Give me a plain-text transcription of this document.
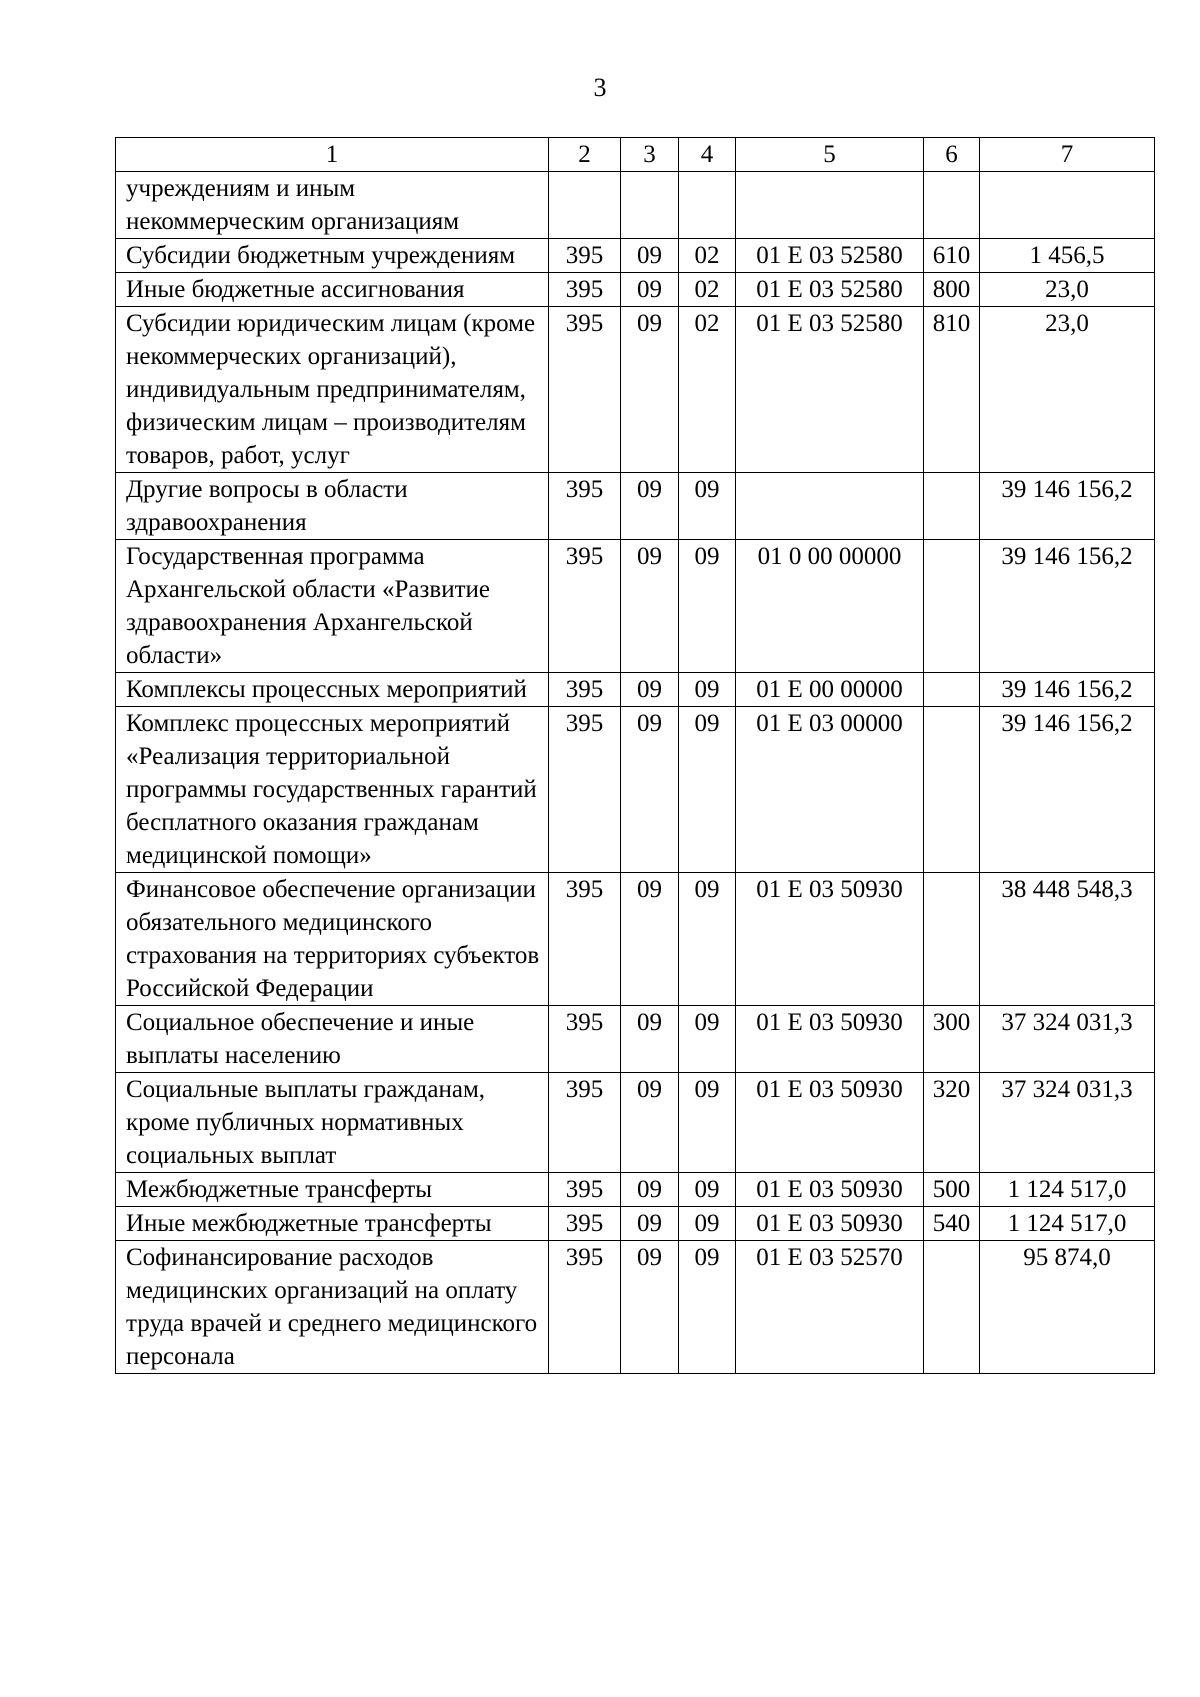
3
1	2	3	4	5	6	7
учреждениям и иным некоммерческим организациям						
Субсидии бюджетным учреждениям	395	09	02	01 Е 03 52580	610	1 456,5
Иные бюджетные ассигнования	395	09	02	01 Е 03 52580	800	23,0
Субсидии юридическим лицам (кроме некоммерческих организаций), индивидуальным предпринимателям, физическим лицам – производителям товаров, работ, услуг	395	09	02	01 Е 03 52580	810	23,0
Другие вопросы в области здравоохранения	395	09	09			39 146 156,2
Государственная программа Архангельской области «Развитие здравоохранения Архангельской области»	395	09	09	01 0 00 00000		39 146 156,2
Комплексы процессных мероприятий	395	09	09	01 Е 00 00000		39 146 156,2
Комплекс процессных мероприятий «Реализация территориальной программы государственных гарантий бесплатного оказания гражданам медицинской помощи»	395	09	09	01 Е 03 00000		39 146 156,2
Финансовое обеспечение организации обязательного медицинского страхования на территориях субъектов Российской Федерации	395	09	09	01 Е 03 50930		38 448 548,3
Социальное обеспечение и иные выплаты населению	395	09	09	01 Е 03 50930	300	37 324 031,3
Социальные выплаты гражданам, кроме публичных нормативных социальных выплат	395	09	09	01 Е 03 50930	320	37 324 031,3
Межбюджетные трансферты	395	09	09	01 Е 03 50930	500	1 124 517,0
Иные межбюджетные трансферты	395	09	09	01 Е 03 50930	540	1 124 517,0
Софинансирование расходов медицинских организаций на оплату труда врачей и среднего медицинского персонала	395	09	09	01 Е 03 52570		95 874,0
